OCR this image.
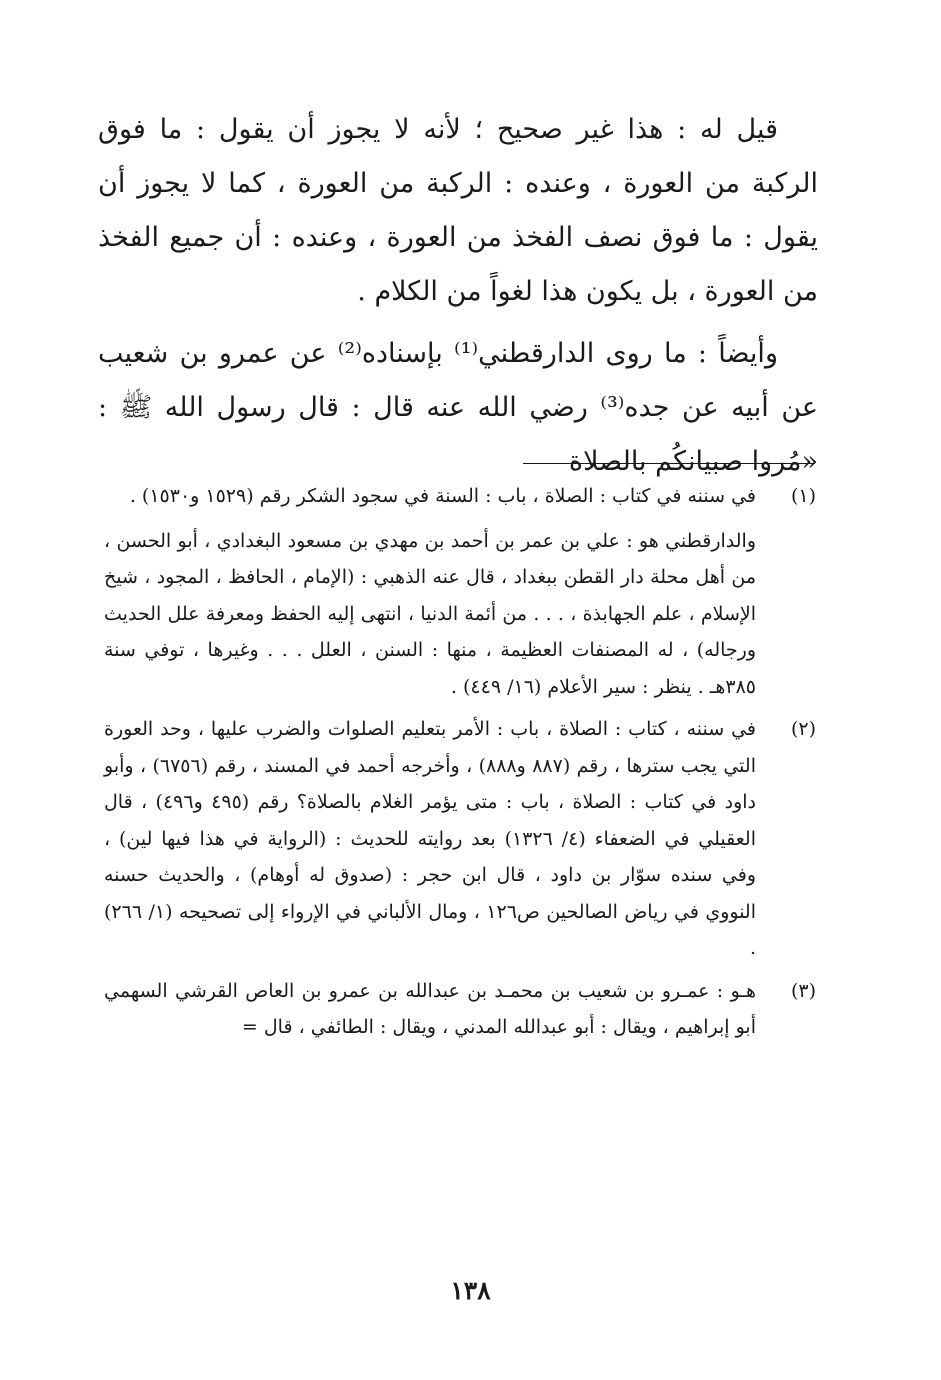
قيل له : هذا غير صحيح ؛ لأنه لا يجوز أن يقول : ما فوق الركبة من العورة ، وعنده : الركبة من العورة ، كما لا يجوز أن يقول : ما فوق نصف الفخذ من العورة ، وعنده : أن جميع الفخذ من العورة ، بل يكون هذا لغواً من الكلام .

وأيضاً : ما روى الدارقطني⁽¹⁾ بإسناده⁽²⁾ عن عمرو بن شعيب عن أبيه عن جده⁽³⁾ رضي الله عنه قال : قال رسول الله ﷺ : «مُروا صبيانكُم بالصلاة

(١)

في سننه في كتاب : الصلاة ، باب : السنة في سجود الشكر رقم (١٥٢٩ و١٥٣٠) .

والدارقطني هو : علي بن عمر بن أحمد بن مهدي بن مسعود البغدادي ، أبو الحسن ، من أهل محلة دار القطن ببغداد ، قال عنه الذهبي : (الإمام ، الحافظ ، المجود ، شيخ الإسلام ، علم الجهابذة ، . . . من أئمة الدنيا ، انتهى إليه الحفظ ومعرفة علل الحديث ورجاله) ، له المصنفات العظيمة ، منها : السنن ، العلل . . . وغيرها ، توفي سنة ٣٨٥هـ . ينظر : سير الأعلام (١٦/ ٤٤٩) .

(٢)

في سننه ، كتاب : الصلاة ، باب : الأمر بتعليم الصلوات والضرب عليها ، وحد العورة التي يجب سترها ، رقم (٨٨٧ و٨٨٨) ، وأخرجه أحمد في المسند ، رقم (٦٧٥٦) ، وأبو داود في كتاب : الصلاة ، باب : متى يؤمر الغلام بالصلاة؟ رقم (٤٩٥ و٤٩٦) ، قال العقيلي في الضعفاء (٤/ ١٣٢٦) بعد روايته للحديث : (الرواية في هذا فيها لين) ، وفي سنده سوّار بن داود ، قال ابن حجر : (صدوق له أوهام) ، والحديث حسنه النووي في رياض الصالحين ص١٢٦ ، ومال الألباني في الإرواء إلى تصحيحه (١/ ٢٦٦) .

(٣)

هـو : عمـرو بن شعيب بن محمـد بن عبدالله بن عمرو بن العاص القرشي السهمي أبو إبراهيم ، ويقال : أبو عبدالله المدني ، ويقال : الطائفي ، قال =

١٣٨
